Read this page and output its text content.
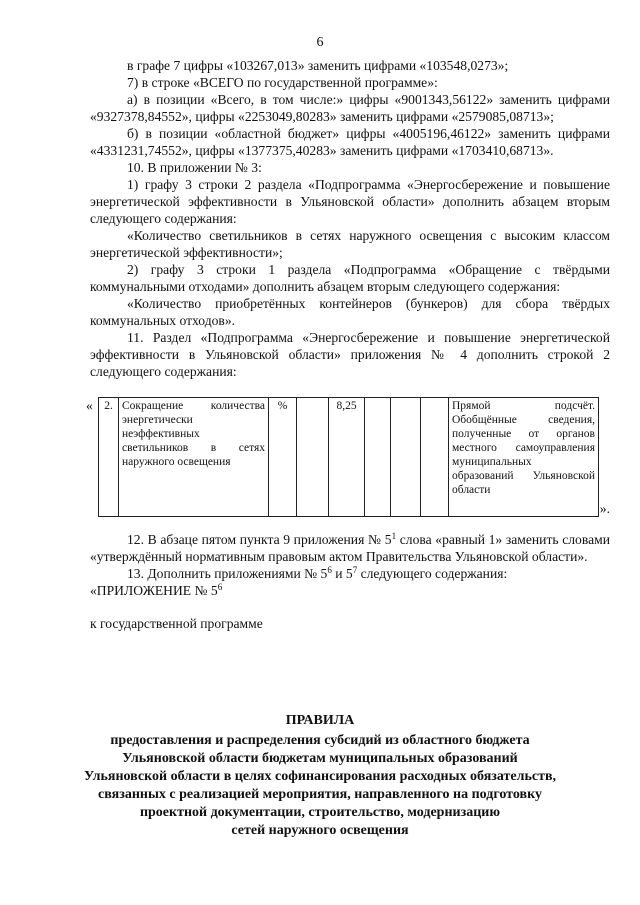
6

в графе 7 цифры «103267,013» заменить цифрами «103548,0273»;

7) в строке «ВСЕГО по государственной программе»:

а) в позиции «Всего, в том числе:» цифры «9001343,56122» заменить цифрами «9327378,84552», цифры «2253049,80283» заменить цифрами «2579085,08713»;

б) в позиции «областной бюджет» цифры «4005196,46122» заменить цифрами «4331231,74552», цифры «1377375,40283» заменить цифрами «1703410,68713».

10. В приложении № 3:

1) графу 3 строки 2 раздела «Подпрограмма «Энергосбережение и повышение энергетической эффективности в Ульяновской области» дополнить абзацем вторым следующего содержания:

«Количество светильников в сетях наружного освещения с высоким классом энергетической эффективности»;

2) графу 3 строки 1 раздела «Подпрограмма «Обращение с твёрдыми коммунальными отходами» дополнить абзацем вторым следующего содержания:

«Количество приобретённых контейнеров (бункеров) для сбора твёрдых коммунальных отходов».

11. Раздел «Подпрограмма «Энергосбережение и повышение энергетической эффективности в Ульяновской области» приложения № 4 дополнить строкой 2 следующего содержания:

« 2.	Сокращение количества энергетически неэффективных светильников в сетях наружного освещения	%		8,25				Прямой подсчёт. Обобщённые сведения, полученные от органов местного самоуправления муниципальных образований Ульяновской области
».

12. В абзаце пятом пункта 9 приложения № $5^1$ слова «равный 1» заменить словами «утверждённый нормативным правовым актом Правительства Ульяновской области».

13. Дополнить приложениями № $5^6$ и $5^7$ следующего содержания:

«ПРИЛОЖЕНИЕ № $5^6$

к государственной программе

ПРАВИЛА
предоставления и распределения субсидий из областного бюджета
Ульяновской области бюджетам муниципальных образований
Ульяновской области в целях софинансирования расходных обязательств,
связанных с реализацией мероприятия, направленного на подготовку
проектной документации, строительство, модернизацию
сетей наружного освещения
